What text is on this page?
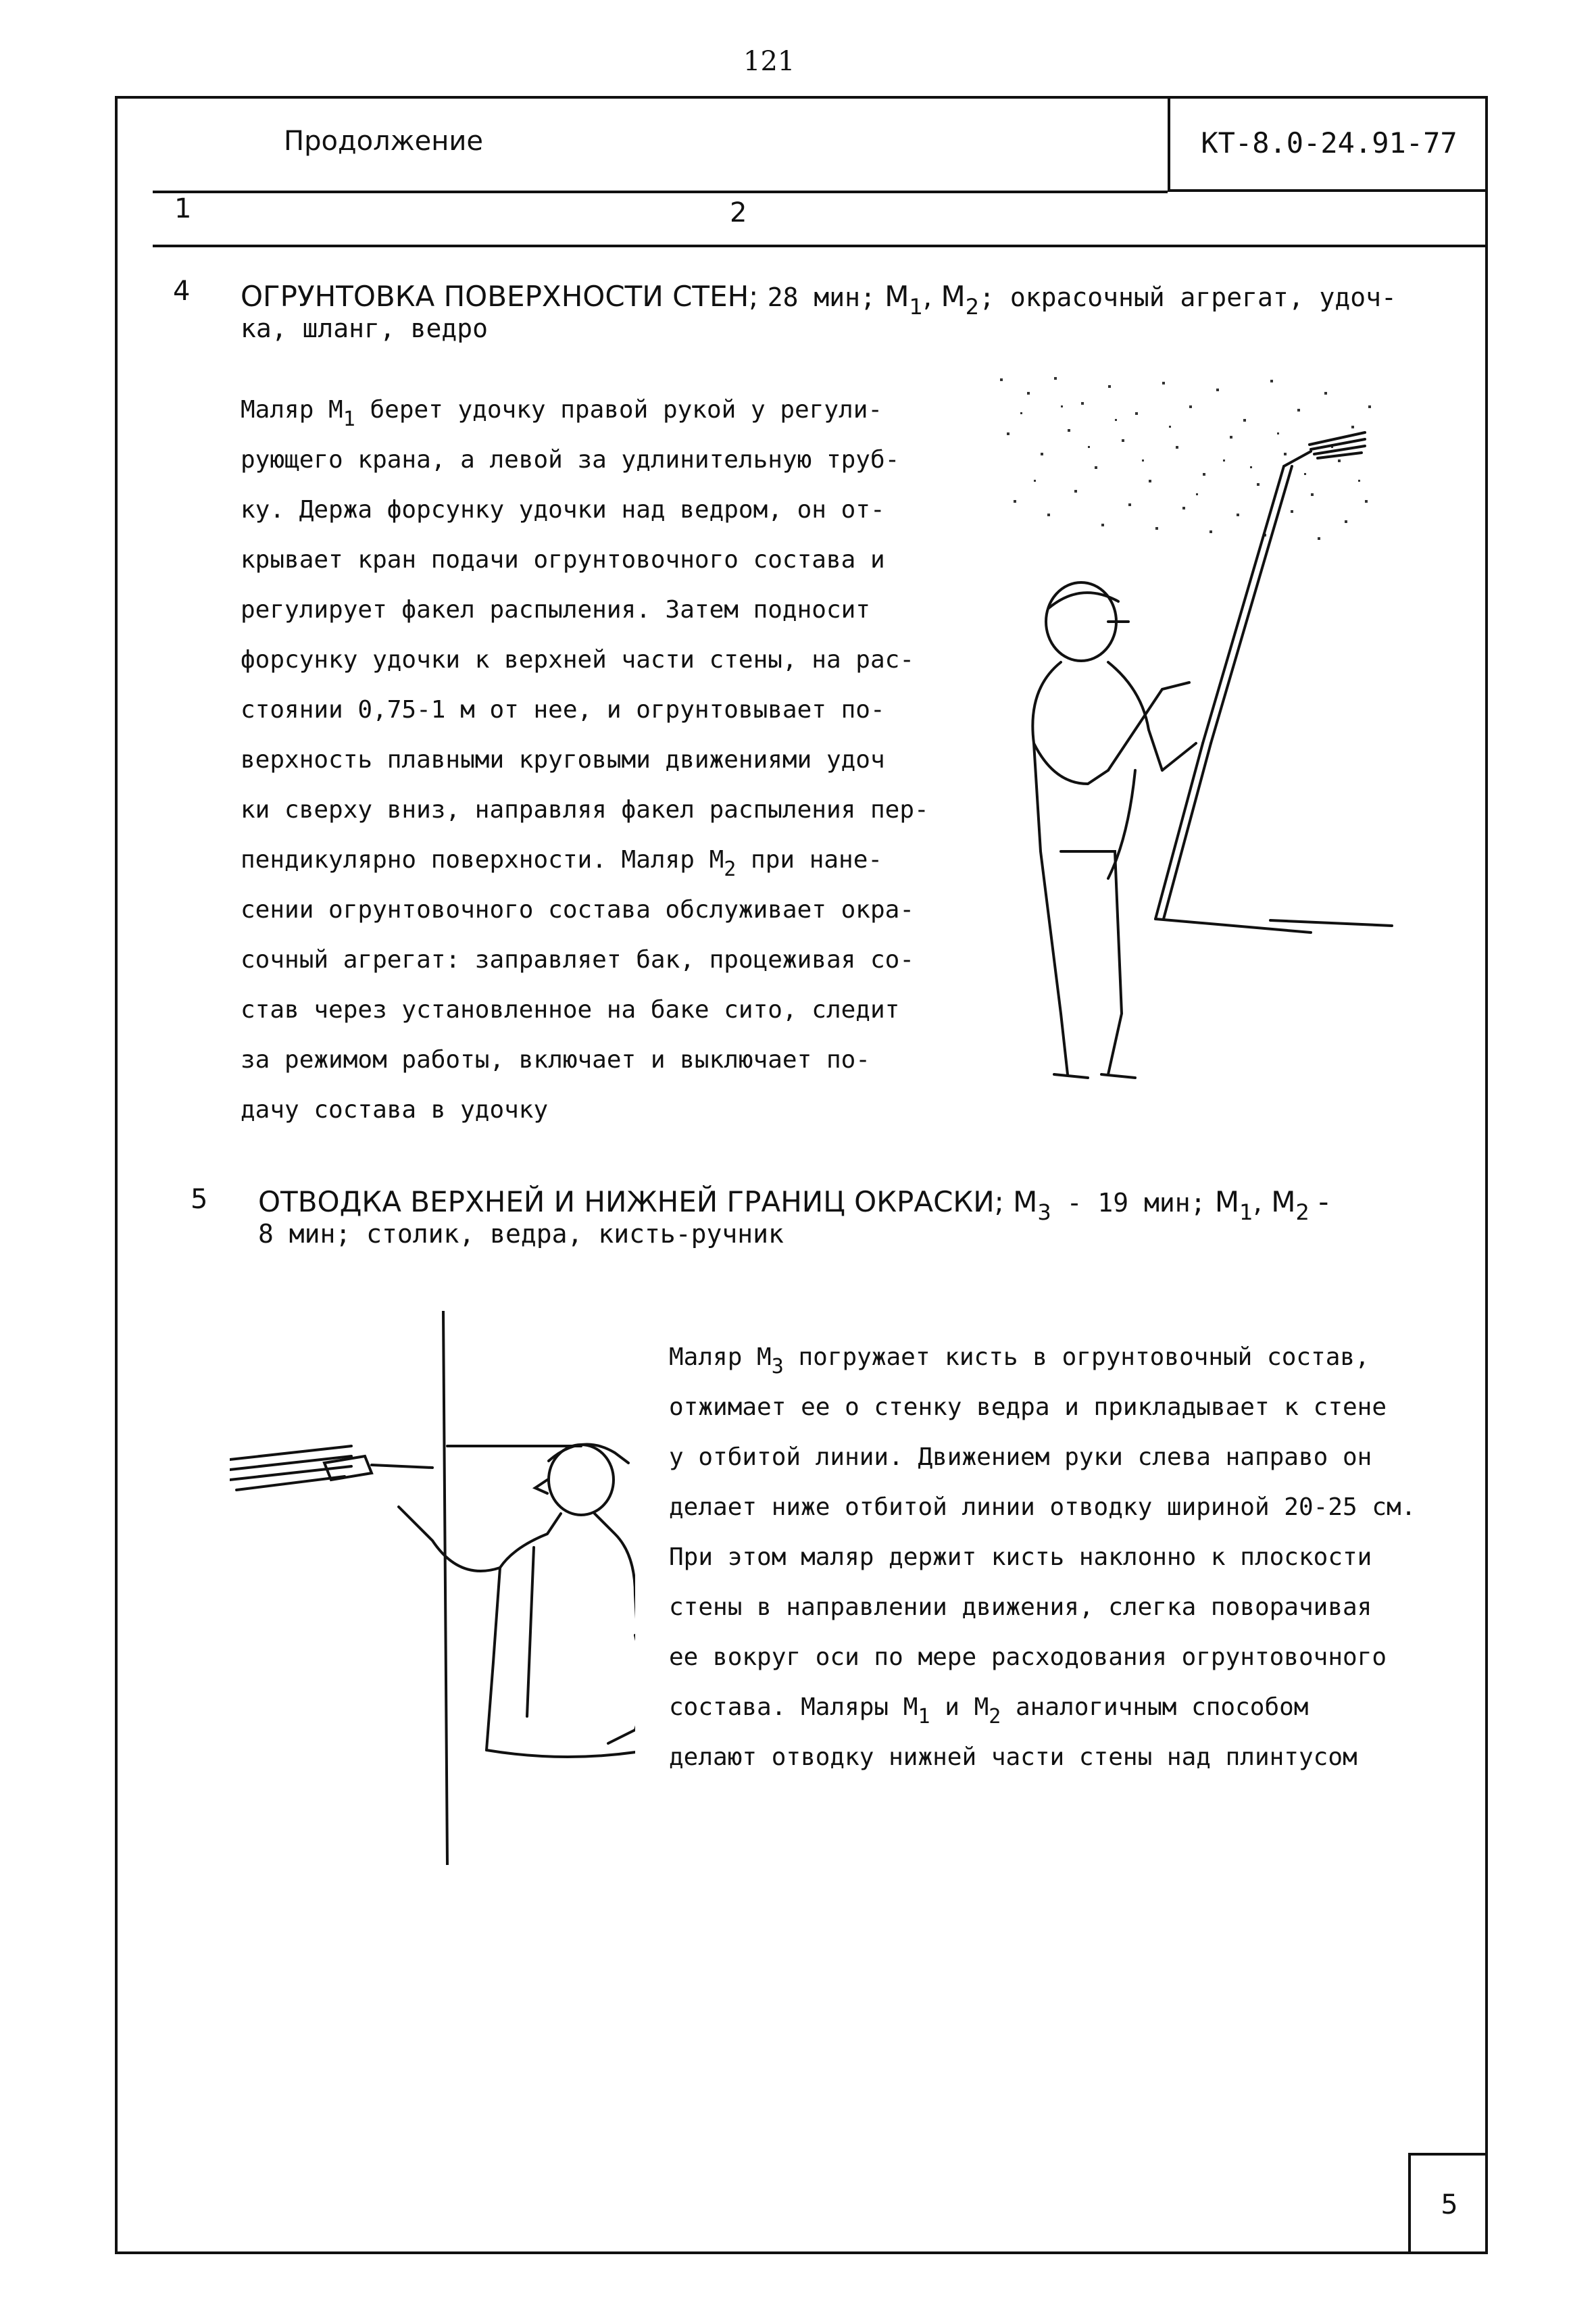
121
Продолжение	КТ-8.0-24.91-77
1	2
4 ОГРУНТОВКА ПОВЕРХНОСТИ СТЕН; 28 мин; $М_1$, $М_2$; окрасочный агрегат, удоч-
ка, шланг, ведро
Маляр $М_1$ берет удочку правой рукой у регули-
рующего крана, а левой за удлинительную труб-
ку. Держа форсунку удочки над ведром, он от-
крывает кран подачи огрунтовочного состава и
регулирует факел распыления. Затем подносит
форсунку удочки к верхней части стены, на рас-
стоянии 0,75-1 м от нее, и огрунтовывает по-
верхность плавными круговыми движениями удоч
ки сверху вниз, направляя факел распыления пер-
пендикулярно поверхности. Маляр $М_2$ при нане-
сении огрунтовочного состава обслуживает окра-
сочный агрегат: заправляет бак, процеживая со-
став через установленное на баке сито, следит
за режимом работы, включает и выключает по-
дачу состава в удочку
5 ОТВОДКА ВЕРХНЕЙ И НИЖНЕЙ ГРАНИЦ ОКРАСКИ; $М_3 - 19$ мин; $М_1$, $М_2$ -
8 мин; столик, ведра, кисть-ручник
Маляр $М_3$ погружает кисть в огрунтовочный состав,
отжимает ее о стенку ведра и прикладывает к стене
у отбитой линии. Движением руки слева направо он
делает ниже отбитой линии отводку шириной 20-25 см.
При этом маляр держит кисть наклонно к плоскости
стены в направлении движения, слегка поворачивая
ее вокруг оси по мере расходования огрунтовочного
состава. Маляры $М_1$ и $М_2$ аналогичным способом
делают отводку нижней части стены над плинтусом
5
